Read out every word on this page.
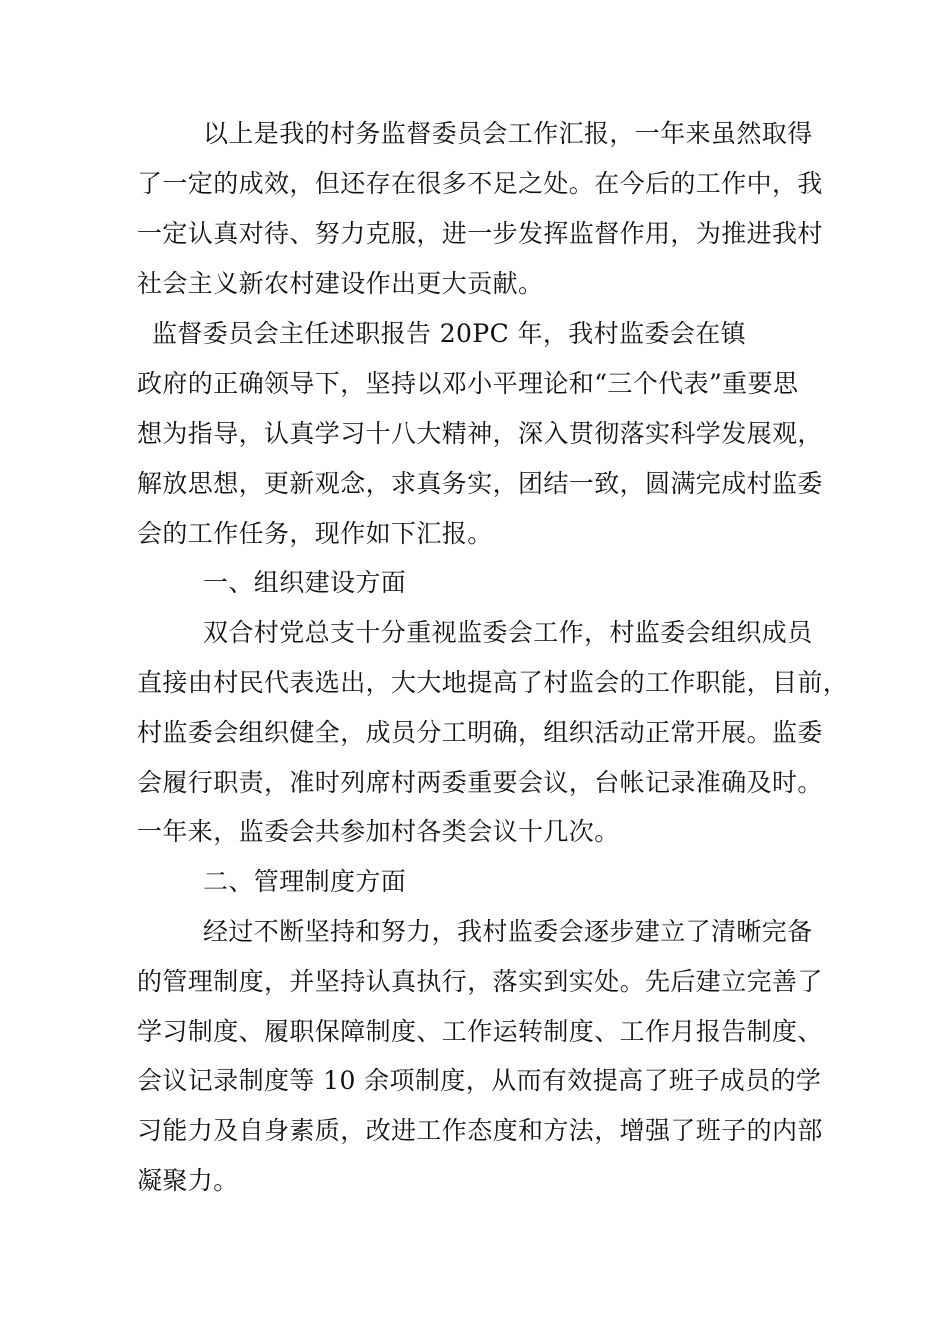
以上是我的村务监督委员会工作汇报，一年来虽然取得

了一定的成效，但还存在很多不足之处。在今后的工作中，我

一定认真对待、努力克服，进一步发挥监督作用，为推进我村

社会主义新农村建设作出更大贡献。

监督委员会主任述职报告 20PC 年，我村监委会在镇

政府的正确领导下，坚持以邓小平理论和“三个代表”重要思

想为指导，认真学习十八大精神，深入贯彻落实科学发展观，

解放思想，更新观念，求真务实，团结一致，圆满完成村监委

会的工作任务，现作如下汇报。

一、组织建设方面

双合村党总支十分重视监委会工作，村监委会组织成员

直接由村民代表选出，大大地提高了村监会的工作职能，目前，

村监委会组织健全，成员分工明确，组织活动正常开展。监委

会履行职责，准时列席村两委重要会议，台帐记录准确及时。

一年来，监委会共参加村各类会议十几次。

二、管理制度方面

经过不断坚持和努力，我村监委会逐步建立了清晰完备

的管理制度，并坚持认真执行，落实到实处。先后建立完善了

学习制度、履职保障制度、工作运转制度、工作月报告制度、

会议记录制度等 10 余项制度，从而有效提高了班子成员的学

习能力及自身素质，改进工作态度和方法，增强了班子的内部

凝聚力。
